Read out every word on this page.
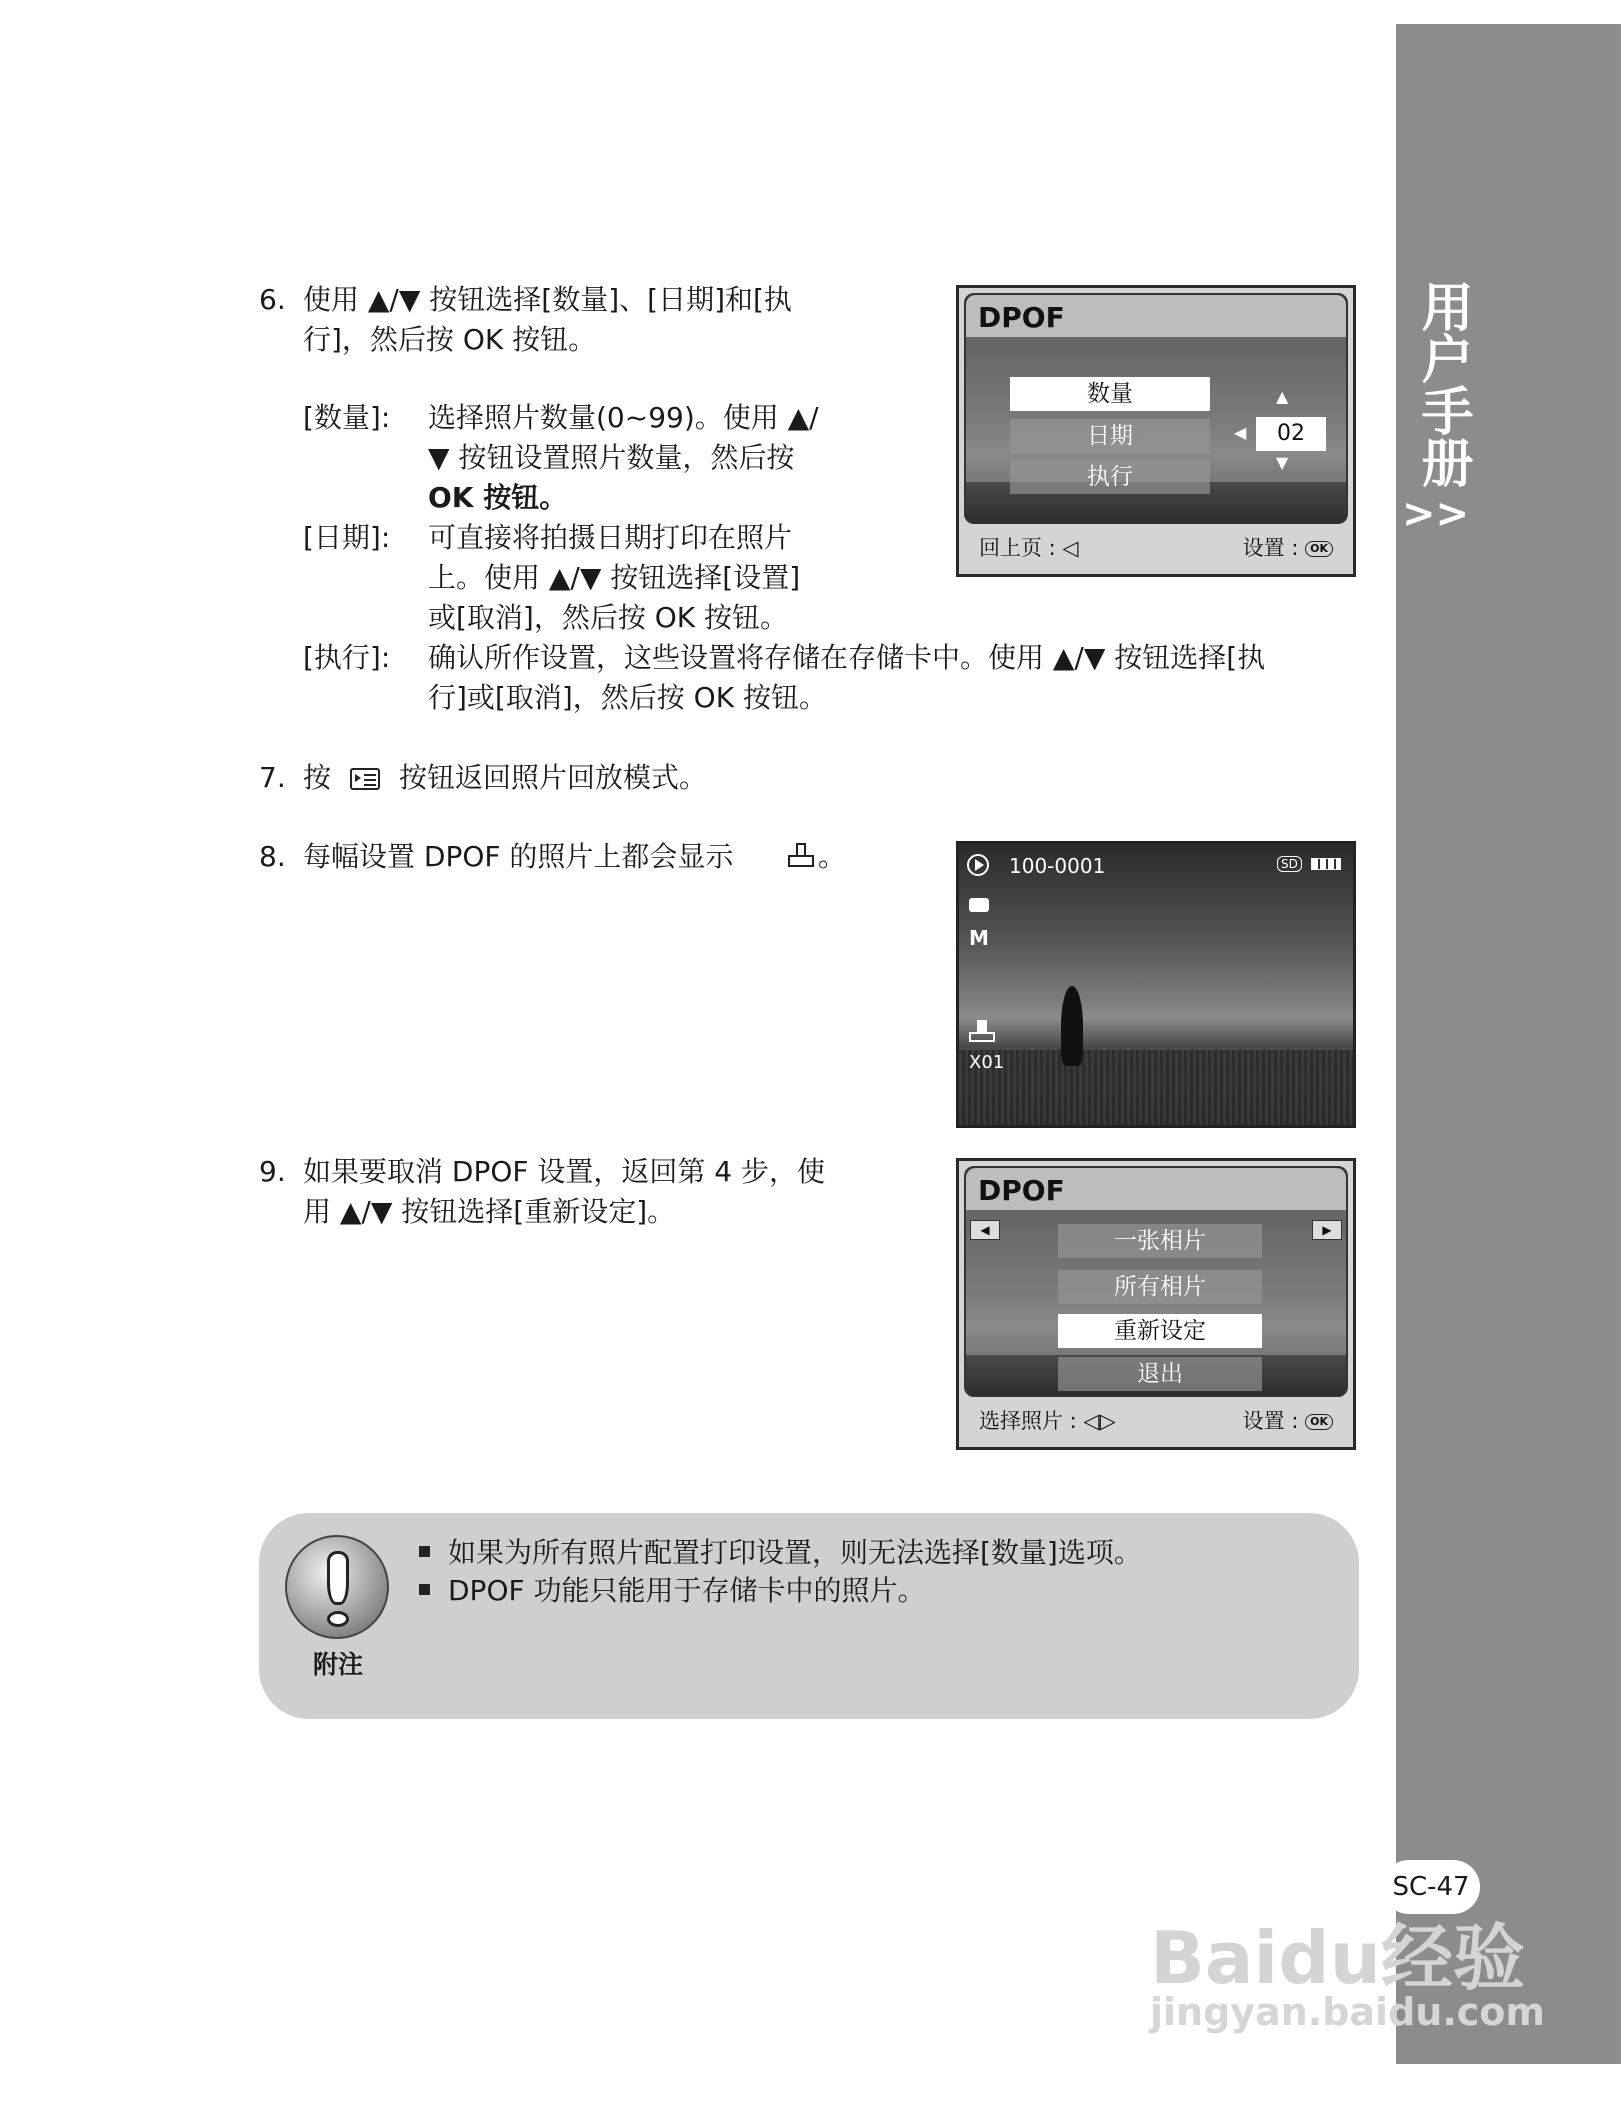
用户手册
>>
6. 使用 ▲/▼ 按钮选择[数量]、[日期]和[执
行]，然后按 OK 按钮。
[数量]: 选择照片数量(0~99)。使用 ▲/
▼ 按钮设置照片数量，然后按
OK 按钮。
[日期]: 可直接将拍摄日期打印在照片
上。使用 ▲/▼ 按钮选择[设置]
或[取消]，然后按 OK 按钮。
[执行]: 确认所作设置，这些设置将存储在存储卡中。使用 ▲/▼ 按钮选择[执
行]或[取消]，然后按 OK 按钮。
DPOF
数量
日期
执行
▲
◀	02
▼
回上页 : ◁	设置 : OK
7. 按 按钮返回照片回放模式。
8. 每幅设置 DPOF 的照片上都会显示	。	100-0001	SD
M
X01
9. 如果要取消 DPOF 设置，返回第 4 步，使
用 ▲/▼ 按钮选择[重新设定]。
DPOF
◀	▶
一张相片
所有相片
重新设定
退出
选择照片 : ◁▷	设置 : OK
附注
如果为所有照片配置打印设置，则无法选择[数量]选项。
DPOF 功能只能用于存储卡中的照片。
SC-47
Baidu经验
jingyan.baidu.com
